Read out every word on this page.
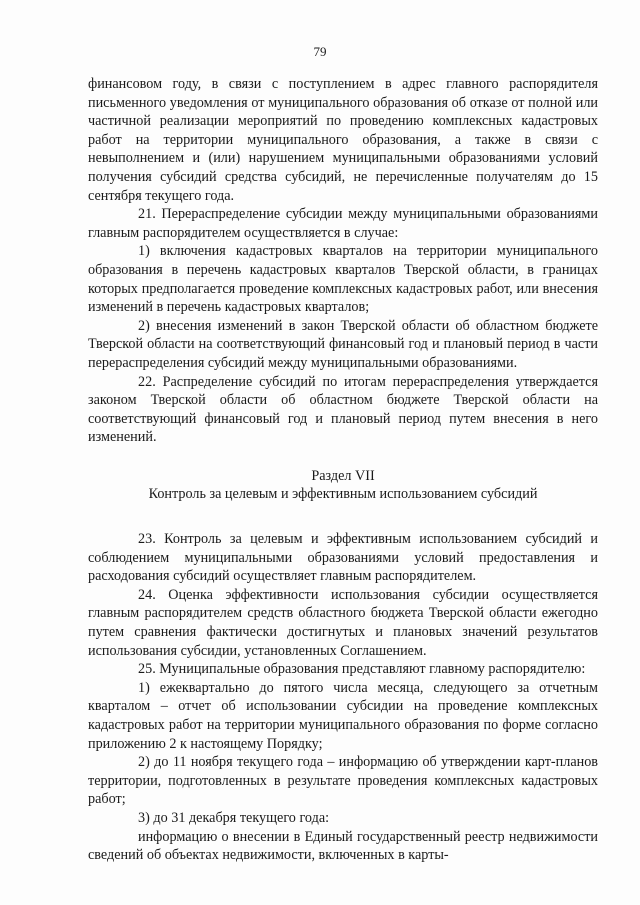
79

финансовом году, в связи с поступлением в адрес главного распорядителя письменного уведомления от муниципального образования об отказе от полной или частичной реализации мероприятий по проведению комплексных кадастровых работ на территории муниципального образования, а также в связи с невыполнением и (или) нарушением муниципальными образованиями условий получения субсидий средства субсидий, не перечисленные получателям до 15 сентября текущего года.

21. Перераспределение субсидии между муниципальными образованиями главным распорядителем осуществляется в случае:

1) включения кадастровых кварталов на территории муниципального образования в перечень кадастровых кварталов Тверской области, в границах которых предполагается проведение комплексных кадастровых работ, или внесения изменений в перечень кадастровых кварталов;

2) внесения изменений в закон Тверской области об областном бюджете Тверской области на соответствующий финансовый год и плановый период в части перераспределения субсидий между муниципальными образованиями.

22. Распределение субсидий по итогам перераспределения утверждается законом Тверской области об областном бюджете Тверской области на соответствующий финансовый год и плановый период путем внесения в него изменений.

Раздел VII

Контроль за целевым и эффективным использованием субсидий

23. Контроль за целевым и эффективным использованием субсидий и соблюдением муниципальными образованиями условий предоставления и расходования субсидий осуществляет главным распорядителем.

24. Оценка эффективности использования субсидии осуществляется главным распорядителем средств областного бюджета Тверской области ежегодно путем сравнения фактически достигнутых и плановых значений результатов использования субсидии, установленных Соглашением.

25. Муниципальные образования представляют главному распорядителю:

1) ежеквартально до пятого числа месяца, следующего за отчетным кварталом – отчет об использовании субсидии на проведение комплексных кадастровых работ на территории муниципального образования по форме согласно приложению 2 к настоящему Порядку;

2) до 11 ноября текущего года – информацию об утверждении карт-планов территории, подготовленных в результате проведения комплексных кадастровых работ;

3) до 31 декабря текущего года:

информацию о внесении в Единый государственный реестр недвижимости сведений об объектах недвижимости, включенных в карты-
